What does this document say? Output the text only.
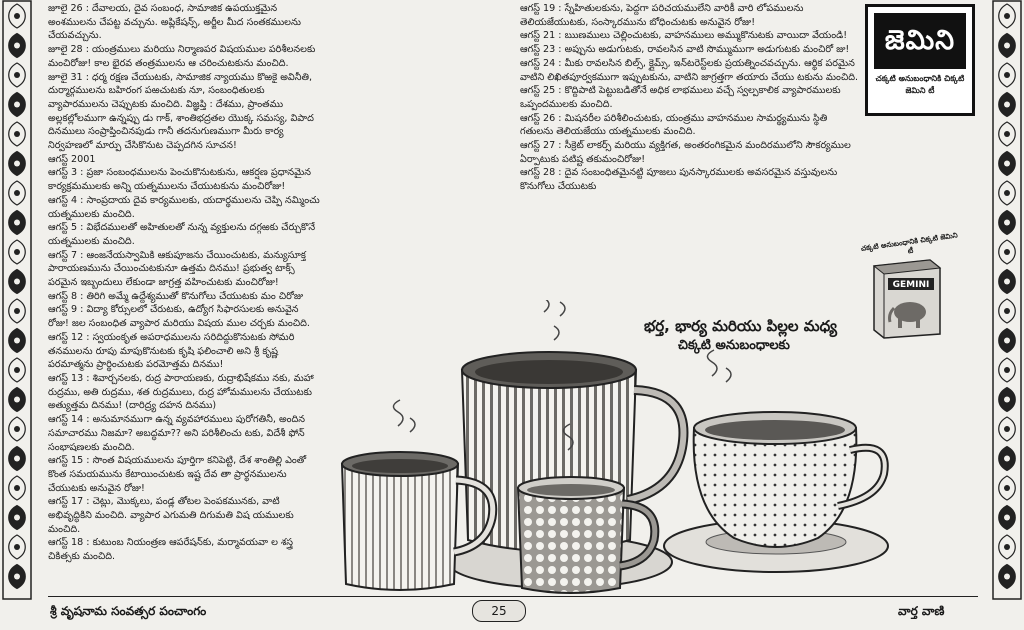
జూలై 26 : దేవాలయ, దైవ సంబంధ, సామాజిక ఉపయుక్తమైన అంశములను చేపట్ట వచ్చును. అప్లికేషన్స్, అర్జీల మీద సంతకములను చేయవచ్చును.

జూలై 28 : యంత్రములు మరియు నిర్మాణపర విషయముల పరిశీలనలకు మంచిరోజు! కాల భైరవ తంత్రములను ఆ చరించుటకును మంచిది.

జూలై 31 : ధర్మ రక్షణ చేయుటకు, సామాజిక న్యాయము కొఱకై అవినీతి, దుర్మార్గములను బహిరంగ పఱచుటకు నూ, సంబంధితులకు వ్యాపారములను చెప్పుటకు మంచిది. విజ్ఞప్తి : దేశము, ప్రాంతము అల్లకల్లోలముగా ఉన్నప్పు డు గాక్, శాంతిభద్రతల యొక్క సమస్య, విపాద దినములు సంప్రాప్తించినపుడు గానీ తదనుగుణముగా మీరు కార్య నిర్వహణలో మార్పు చేసికొనుట చెప్పదగిన సూచన!

ఆగస్ట్ 2001

ఆగస్ట్ 3 : ప్రజా సంబంధములను పెంచుకొనుటకును, ఆకర్షణ ప్రధానమైన కార్యక్రమములకు అన్ని యత్నములను చేయుటకును మంచిరోజు!

ఆగస్ట్ 4 : సాంప్రదాయ దైవ కార్యములకు, యదార్థములను చెప్పి నమ్మించు యత్నములకు మంచిది.

ఆగస్ట్ 5 : విభేదములతో అహితులతో నున్న వ్యక్తులను దగ్గఱకు చేర్చుకొనే యత్నములకు మంచిది.

ఆగస్ట్ 7 : ఆంజనేయస్వామికి ఆకుపూజను చేయించుటకు, మన్యుసూక్త పారాయణమును చేయించుటకునూ ఉత్తమ దినము! ప్రభుత్వ టాక్స్ పరమైన ఇబ్బందులు లేకుండా జాగ్రత్త వహించుటకు మంచిరోజు!

ఆగస్ట్ 8 : తిరిగి అమ్మే ఉద్దేశ్యముతో కొనుగోలు చేయుటకు మం చిరోజు

ఆగస్ట్ 9 : విద్యా కోర్సులలో చేరుటకు, ఉద్యోగ సిఫారసులకు అనువైన రోజు! జల సంబంధిత వ్యాపార మరియు విషయ ముల చర్చకు మంచిది.

ఆగస్ట్ 12 : స్వయంకృత అపరాధములను సరిదిద్దుకొనుటకు సోమరి తనములను రూపు మాపుకొనుటకు కృషి ఫలించాలి అని శ్రీ కృష్ణ పరమాత్మను ప్రార్థించుటకు పరమోత్తమ దినము!

ఆగస్ట్ 13 : శివార్చనలకు, రుద్ర పారాయణకు, రుద్రాభిషేకము నకు, మహా రుద్రము, అతి రుద్రము, శత రుద్రములు, రుద్ర హోమములను చేయుటకు అత్యుత్తమ దినము! (దారిద్ర్య దహన దినము)

ఆగస్ట్ 14 : అనుమానముగా ఉన్న వ్యవహారములు పురోగతినీ, అందిన సమాచారము నిజమా? అబద్ధమా?? అని పరిశీలించు టకు, విదేశీ ఫోన్ సంభాషణలకు మంచిది.

ఆగస్ట్ 15 : సొంత విషయములను పూర్తిగా కనిపెట్టి, దేశ శాంతిల్లి ఎంతో కొంత సమయమును కేటాయించుటకు ఇష్ట దేవ తా ప్రార్థనములను చేయుటకు అనువైన రోజు!

ఆగస్ట్ 17 : చెట్లు, మొక్కలు, పండ్ల తోటల పెంపకమునకు, వాటి అభివృద్ధికిని మంచిది. వ్యాపార ఎగుమతి దిగుమతి విష యములకు మంచిది.

ఆగస్ట్ 18 : కుటుంబ నియంత్రణ ఆపరేషన్‌కు, మర్మావయవా ల శస్త్ర చికిత్సకు మంచిది.

ఆగస్ట్ 19 : స్నేహితులకును, పెద్దగా పరిచయములేని వారికీ వారి లోపములను తెలియజేయుటకు, సంస్కారమును బోధించుటకు అనువైన రోజు!

ఆగస్ట్ 21 : ఋణములు చెల్లించుటకు, వాహనములు అమ్ముకొనుటకు వాయిదా వేయండి!

ఆగస్ట్ 23 : అప్పును అడుగుటకు, రావలసిన వాటి సొమ్ముముగా అడుగుటకు మంచిరో జు!

ఆగస్ట్ 24 : మీకు రావలసిన బిల్స్, క్లైమ్స్, ఇన్‌టరెస్ట్‌లకు ప్రయత్నించవచ్చును. ఆర్థిక పరమైన వాటిని లిఖితపూర్వకముగా ఇప్పుటకును, వాటిని జాగ్రత్తగా తయారు చేయు టకును మంచిది.

ఆగస్ట్ 25 : కొద్దిపాటి పెట్టుబడితోనే అధిక లాభములు వచ్చే స్వల్పకాలిక వ్యాపారములకు ఒప్పందములకు మంచిది.

ఆగస్ట్ 26 : మిషనరీల పరిశీలించుటకు, యంత్రము వాహనముల సామర్థ్యమును స్థితి గతులను తెలియజేయు యత్నములకు మంచిది.

ఆగస్ట్ 27 : సీక్రెట్ లాకర్స్ మరియు వ్యక్తిగత, అంతరంగికమైన మందిరములోని సౌకర్యముల ఏర్పాటుకు పటిష్ట తకుమంచిరోజు!

ఆగస్ట్ 28 : దైవ సంబంధితమైనట్టి పూజలు పునస్కారములకు అవసరమైన వస్తువులను కొనుగోలు చేయుటకు

జెమిని
చక్కటి అనుబంధానికి చిక్కటి జెమిని టీ
చక్కటి అనుబంధానికి చిక్కటి జెమిని టీ
GEMINI
భర్త, భార్య మరియు పిల్లల మధ్య
చిక్కటి అనుబంధాలకు
శ్రీ వృషనామ సంవత్సర పంచాంగం	25	వార్త వాణి
